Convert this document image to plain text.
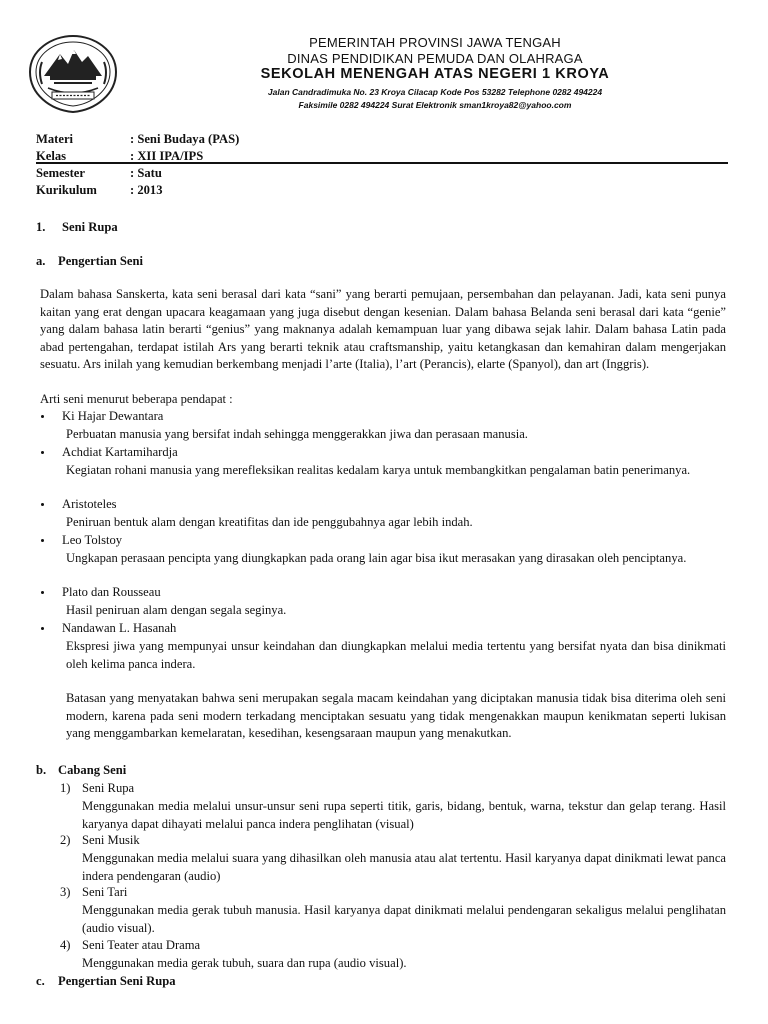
PEMERINTAH PROVINSI JAWA TENGAH
DINAS PENDIDIKAN PEMUDA DAN OLAHRAGA
SEKOLAH MENENGAH ATAS NEGERI 1 KROYA
Jalan Candradimuka No. 23 Kroya Cilacap Kode Pos 53282 Telephone 0282 494224
Faksimile 0282 494224 Surat Elektronik sman1kroya82@yahoo.com
Materi	: Seni Budaya (PAS)
Kelas	: XII IPA/IPS
Semester	: Satu
Kurikulum	: 2013
1. Seni Rupa
a. Pengertian Seni
Dalam bahasa Sanskerta, kata seni berasal dari kata “sani” yang berarti pemujaan, persembahan dan pelayanan. Jadi, kata seni punya kaitan yang erat dengan upacara keagamaan yang juga disebut dengan kesenian. Dalam bahasa Belanda seni berasal dari kata “genie” yang dalam bahasa latin berarti “genius” yang maknanya adalah kemampuan luar yang dibawa sejak lahir. Dalam bahasa Latin pada abad pertengahan, terdapat istilah Ars yang berarti teknik atau craftsmanship, yaitu ketangkasan dan kemahiran dalam mengerjakan sesuatu. Ars inilah yang kemudian berkembang menjadi l’arte (Italia), l’art (Perancis), elarte (Spanyol), dan art (Inggris).
Arti seni menurut beberapa pendapat :
Ki Hajar Dewantara
Perbuatan manusia yang bersifat indah sehingga menggerakkan jiwa dan perasaan manusia.
Achdiat Kartamihardja
Kegiatan rohani manusia yang merefleksikan realitas kedalam karya untuk membangkitkan pengalaman batin penerimanya.
Aristoteles
Peniruan bentuk alam dengan kreatifitas dan ide penggubahnya agar lebih indah.
Leo Tolstoy
Ungkapan perasaan pencipta yang diungkapkan pada orang lain agar bisa ikut merasakan yang dirasakan oleh penciptanya.
Plato dan Rousseau
Hasil peniruan alam dengan segala seginya.
Nandawan L. Hasanah
Ekspresi jiwa yang mempunyai unsur keindahan dan diungkapkan melalui media tertentu yang bersifat nyata dan bisa dinikmati oleh kelima panca indera.
Batasan yang menyatakan bahwa seni merupakan segala macam keindahan yang diciptakan manusia tidak bisa diterima oleh seni modern, karena pada seni modern terkadang menciptakan sesuatu yang tidak mengenakkan maupun kenikmatan seperti lukisan yang menggambarkan kemelaratan, kesedihan, kesengsaraan maupun yang menakutkan.
b. Cabang Seni
1) Seni Rupa
Menggunakan media melalui unsur-unsur seni rupa seperti titik, garis, bidang, bentuk, warna, tekstur dan gelap terang. Hasil karyanya dapat dihayati melalui panca indera penglihatan (visual)
2) Seni Musik
Menggunakan media melalui suara yang dihasilkan oleh manusia atau alat tertentu. Hasil karyanya dapat dinikmati lewat panca indera pendengaran (audio)
3) Seni Tari
Menggunakan media gerak tubuh manusia. Hasil karyanya dapat dinikmati melalui pendengaran sekaligus melalui penglihatan (audio visual).
4) Seni Teater atau Drama
Menggunakan media gerak tubuh, suara dan rupa (audio visual).
c. Pengertian Seni Rupa
